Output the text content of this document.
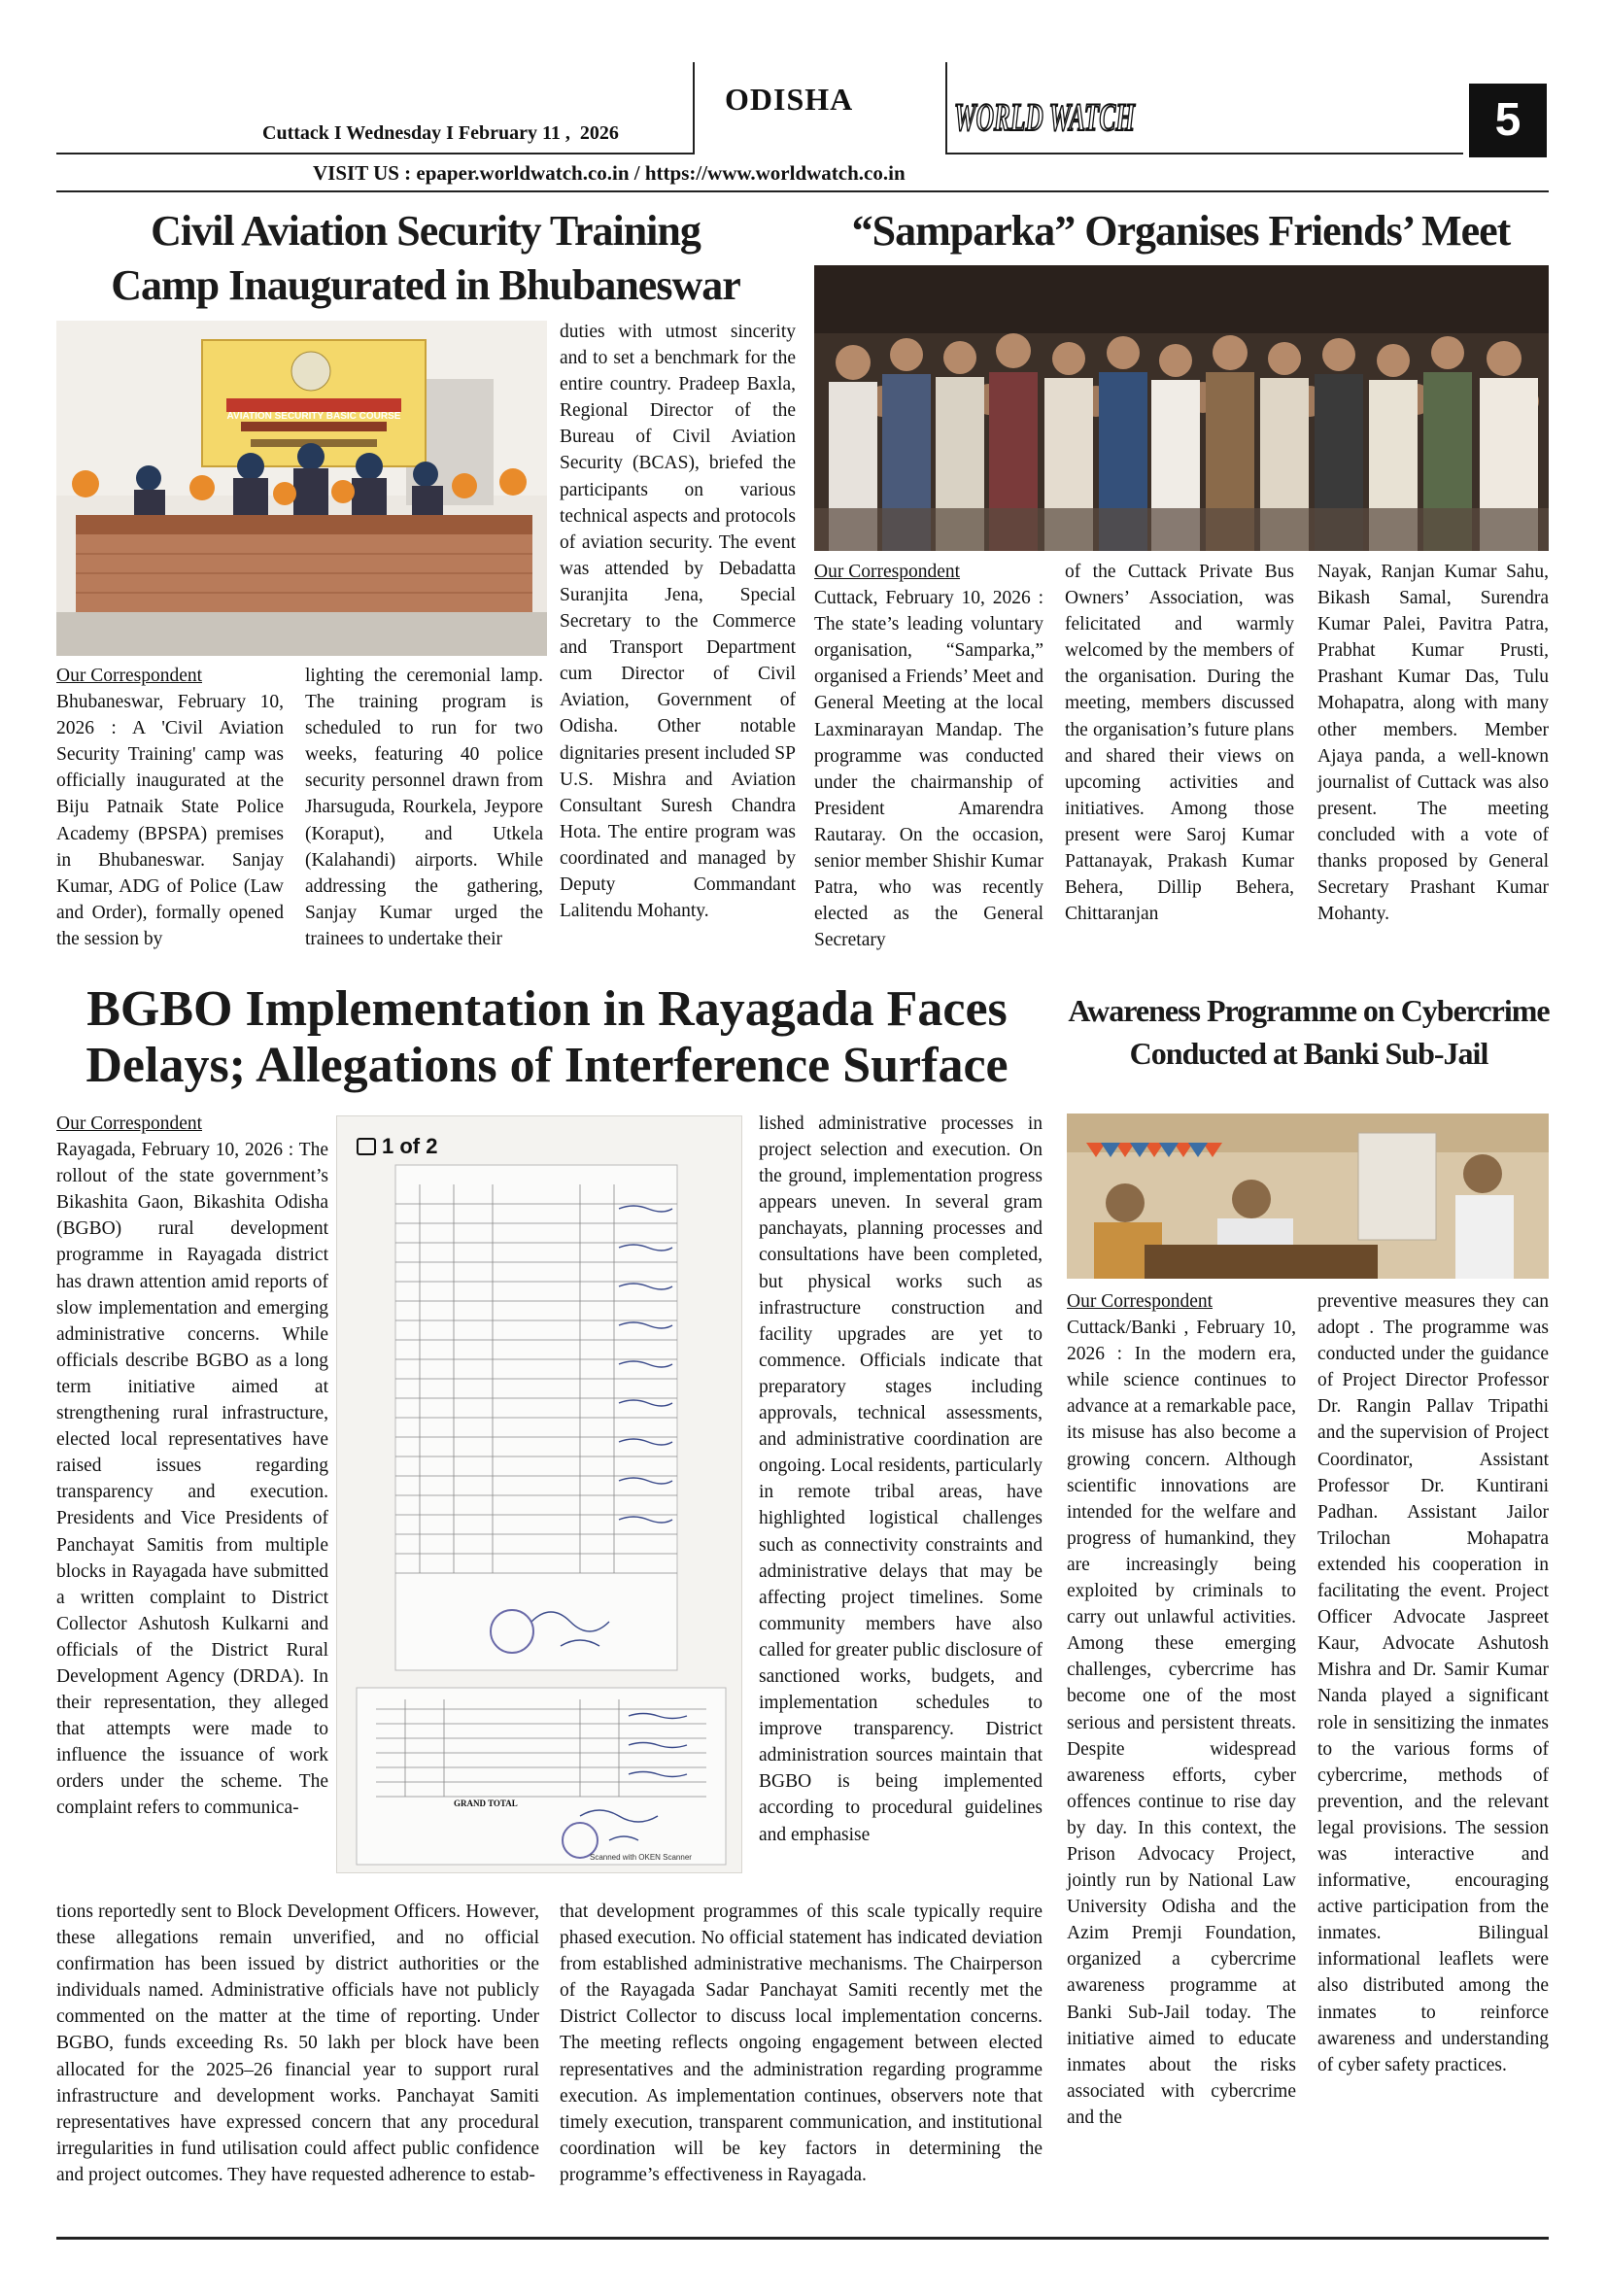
Cuttack I Wednesday I February 11 ,  2026
ODISHA	WORLD WATCH	5
VISIT US : epaper.worldwatch.co.in / https://www.worldwatch.co.in
Civil Aviation Security Training
Camp Inaugurated in Bhubaneswar
AVIATION SECURITY BASIC COURSE

Our Correspondent

Bhubaneswar, February 10, 2026 : A 'Civil Aviation Security Training' camp was officially inaugurated at the Biju Patnaik State Police Academy (BPSPA) premises in Bhubaneswar. Sanjay Kumar, ADG of Police (Law and Order), formally opened the session by

lighting the ceremonial lamp. The training program is scheduled to run for two weeks, featuring 40 police security personnel drawn from Jharsuguda, Rourkela, Jeypore (Koraput), and Utkela (Kalahandi) airports. While addressing the gathering, Sanjay Kumar urged the trainees to undertake their

duties with utmost sincerity and to set a benchmark for the entire country. Pradeep Baxla, Regional Director of the Bureau of Civil Aviation Security (BCAS), briefed the participants on various technical aspects and protocols of aviation security. The event was attended by Debadatta Suranjita Jena, Special Secretary to the Commerce and Transport Department cum Director of Civil Aviation, Government of Odisha. Other notable dignitaries present included SP U.S. Mishra and Aviation Consultant Suresh Chandra Hota. The entire program was coordinated and managed by Deputy Commandant Lalitendu Mohanty.

“Samparka” Organises Friends’ Meet

Our Correspondent

Cuttack, February 10, 2026 : The state’s leading voluntary organisation, “Samparka,” organised a Friends’ Meet and General Meeting at the local Laxminarayan Mandap. The programme was conducted under the chairmanship of President Amarendra Rautaray. On the occasion, senior member Shishir Kumar Patra, who was recently elected as the General Secretary

of the Cuttack Private Bus Owners’ Association, was felicitated and warmly welcomed by the members of the organisation. During the meeting, members discussed the organisation’s future plans and shared their views on upcoming activities and initiatives. Among those present were Saroj Kumar Pattanayak, Prakash Kumar Behera, Dillip Behera, Chittaranjan

Nayak, Ranjan Kumar Sahu, Bikash Samal, Surendra Kumar Palei, Pavitra Patra, Prabhat Kumar Prusti, Prashant Kumar Das, Tulu Mohapatra, along with many other members. Member Ajaya panda, a well-known journalist of Cuttack was also present. The meeting concluded with a vote of thanks proposed by General Secretary Prashant Kumar Mohanty.

BGBO Implementation in Rayagada Faces
Delays; Allegations of Interference Surface

Our Correspondent

Rayagada, February 10, 2026 : The rollout of the state government’s Bikashita Gaon, Bikashita Odisha (BGBO) rural development programme in Rayagada district has drawn attention amid reports of slow implementation and emerging administrative concerns. While officials describe BGBO as a long term initiative aimed at strengthening rural infrastructure, elected local representatives have raised issues regarding transparency and execution. Presidents and Vice Presidents of Panchayat Samitis from multiple blocks in Rayagada have submitted a written complaint to District Collector Ashutosh Kulkarni and officials of the District Rural Development Agency (DRDA). In their representation, they alleged that attempts were made to influence the issuance of work orders under the scheme. The complaint refers to communica-

1 of 2
GRAND TOTAL
Scanned with OKEN Scanner

lished administrative processes in project selection and execution. On the ground, implementation progress appears uneven. In several gram panchayats, planning processes and consultations have been completed, but physical works such as infrastructure construction and facility upgrades are yet to commence. Officials indicate that preparatory stages including approvals, technical assessments, and administrative coordination are ongoing. Local residents, particularly in remote tribal areas, have highlighted logistical challenges such as connectivity constraints and administrative delays that may be affecting project timelines. Some community members have also called for greater public disclosure of sanctioned works, budgets, and implementation schedules to improve transparency. District administration sources maintain that BGBO is being implemented according to procedural guidelines and emphasise

tions reportedly sent to Block Development Officers. However, these allegations remain unverified, and no official confirmation has been issued by district authorities or the individuals named. Administrative officials have not publicly commented on the matter at the time of reporting. Under BGBO, funds exceeding Rs. 50 lakh per block have been allocated for the 2025–26 financial year to support rural infrastructure and development works. Panchayat Samiti representatives have expressed concern that any procedural irregularities in fund utilisation could affect public confidence and project outcomes. They have requested adherence to estab-

that development programmes of this scale typically require phased execution. No official statement has indicated deviation from established administrative mechanisms. The Chairperson of the Rayagada Sadar Panchayat Samiti recently met the District Collector to discuss local implementation concerns. The meeting reflects ongoing engagement between elected representatives and the administration regarding programme execution. As implementation continues, observers note that timely execution, transparent communication, and institutional coordination will be key factors in determining the programme’s effectiveness in Rayagada.

Awareness Programme on Cybercrime
Conducted at Banki Sub-Jail

Our Correspondent

Cuttack/Banki , February 10, 2026 : In the modern era, while science continues to advance at a remarkable pace, its misuse has also become a growing concern. Although scientific innovations are intended for the welfare and progress of humankind, they are increasingly being exploited by criminals to carry out unlawful activities. Among these emerging challenges, cybercrime has become one of the most serious and persistent threats. Despite widespread awareness efforts, cyber offences continue to rise day by day. In this context, the Prison Advocacy Project, jointly run by National Law University Odisha and the Azim Premji Foundation, organized a cybercrime awareness programme at Banki Sub-Jail today. The initiative aimed to educate inmates about the risks associated with cybercrime and the

preventive measures they can adopt . The programme was conducted under the guidance of Project Director Professor Dr. Rangin Pallav Tripathi and the supervision of Project Coordinator, Assistant Professor Dr. Kuntirani Padhan. Assistant Jailor Trilochan Mohapatra extended his cooperation in facilitating the event. Project Officer Advocate Jaspreet Kaur, Advocate Ashutosh Mishra and Dr. Samir Kumar Nanda played a significant role in sensitizing the inmates to the various forms of cybercrime, methods of prevention, and the relevant legal provisions. The session was interactive and informative, encouraging active participation from the inmates. Bilingual informational leaflets were also distributed among the inmates to reinforce awareness and understanding of cyber safety practices.
